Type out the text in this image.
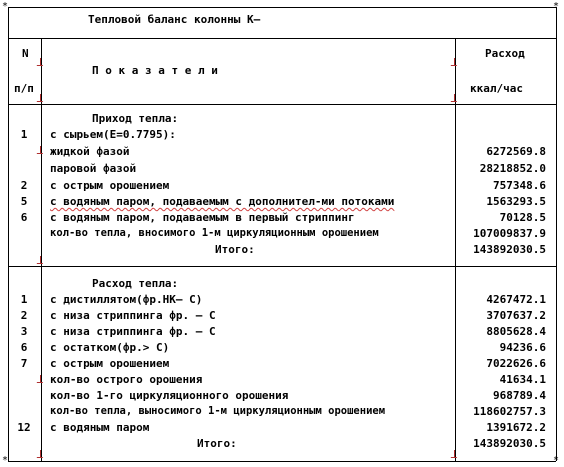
*	*
*	*
Тепловой баланс колонны К–
N
п/п
П о к а з а т е л и
Расход
ккал/час
Приход тепла:
1	с сырьем(E=0.7795):
жидкой фазой	6272569.8
паровой фазой	28218852.0
2	с острым орошением	757348.6
5	с водяным паром, подаваемым с дополнител-ми потоками	1563293.5
6	с водяным паром, подаваемым в первый стриппинг	70128.5
кол-во тепла, вносимого 1-м циркуляционным орошением	107009837.9
Итого:	143892030.5
Расход тепла:
1	с дистиллятом(фр.НК– С)	4267472.1
2	с низа стриппинга фр. – С	3707637.2
3	с низа стриппинга фр. – С	8805628.4
6	с остатком(фр.> С)	94236.6
7	с острым орошением	7022626.6
кол-во острого орошения	41634.1
кол-во 1-го циркуляционного орошения	968789.4
кол-во тепла, выносимого 1-м циркуляционным орошением	118602757.3
12	с водяным паром	1391672.2
Итого:	143892030.5
